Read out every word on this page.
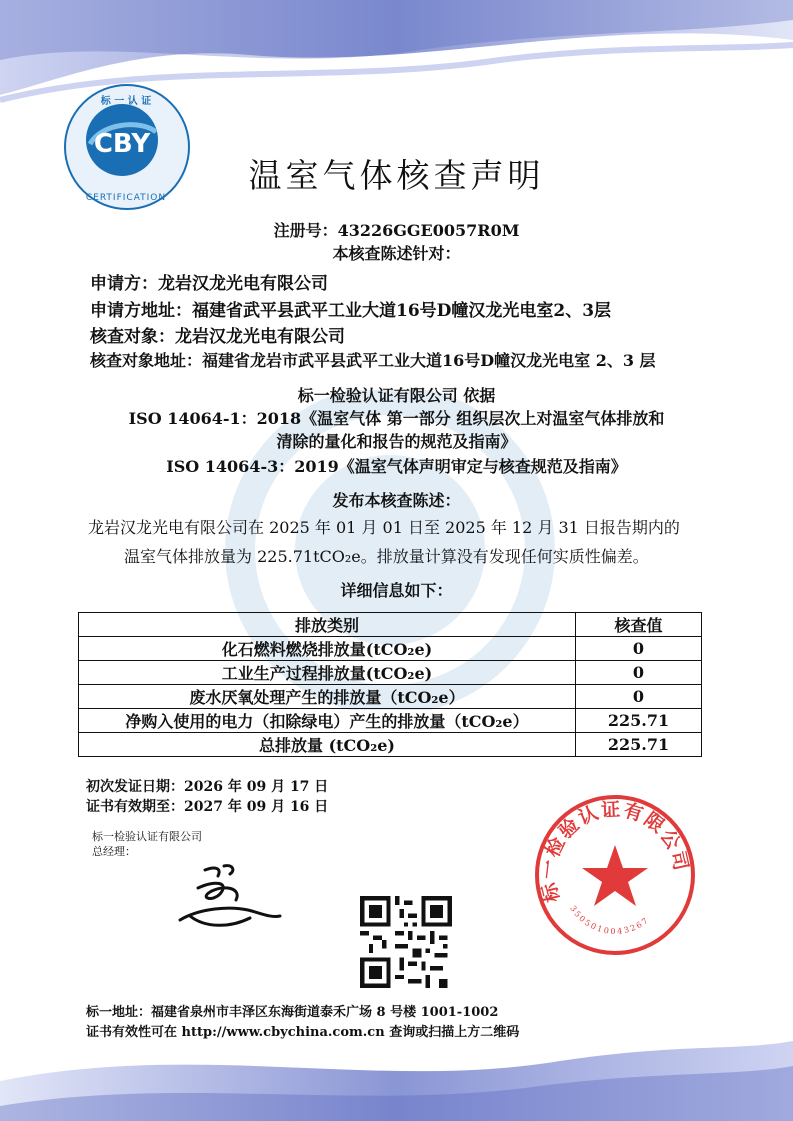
CBY
标 一 认 证
CERTIFICATION
温室气体核查声明
注册号：43226GGE0057R0M
本核查陈述针对：
申请方：龙岩汉龙光电有限公司
申请方地址：福建省武平县武平工业大道16号D幢汉龙光电室2、3层
核查对象：龙岩汉龙光电有限公司
核查对象地址：福建省龙岩市武平县武平工业大道16号D幢汉龙光电室 2、3 层
标一检验认证有限公司 依据
ISO 14064-1：2018《温室气体 第一部分 组织层次上对温室气体排放和
清除的量化和报告的规范及指南》
ISO 14064-3：2019《温室气体声明审定与核查规范及指南》
发布本核查陈述：
龙岩汉龙光电有限公司在 2025 年 01 月 01 日至 2025 年 12 月 31 日报告期内的
温室气体排放量为 225.71tCO₂e。排放量计算没有发现任何实质性偏差。
详细信息如下：
排放类别	核查值
化石燃料燃烧排放量(tCO₂e)	0
工业生产过程排放量(tCO₂e)	0
废水厌氧处理产生的排放量（tCO₂e）	0
净购入使用的电力（扣除绿电）产生的排放量（tCO₂e）	225.71
总排放量 (tCO₂e)	225.71
初次发证日期：2026 年 09 月 17 日
证书有效期至：2027 年 09 月 16 日
标一检验认证有限公司
总经理：
标一检验认证有限公司
3505010043267
标一地址：福建省泉州市丰泽区东海街道泰禾广场 8 号楼 1001-1002
证书有效性可在 http://www.cbychina.com.cn 查询或扫描上方二维码
